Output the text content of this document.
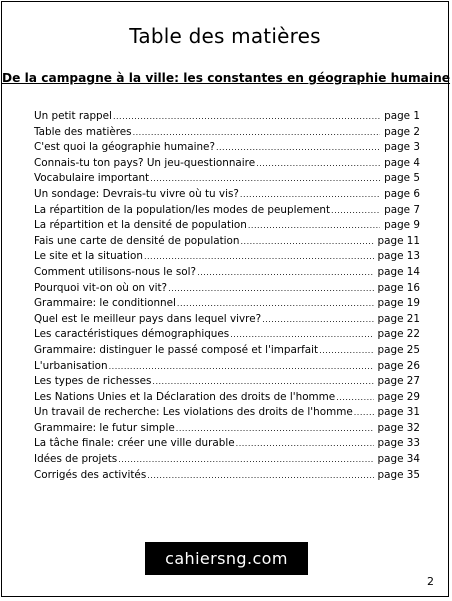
Table des matières
De la campagne à la ville: les constantes en géographie humaine
Un petit rappel .....	page 1
Table des matières .....	page 2
C'est quoi la géographie humaine? .....	page 3
Connais-tu ton pays? Un jeu-questionnaire .....	page 4
Vocabulaire important .....	page 5
Un sondage: Devrais-tu vivre où tu vis? .....	page 6
La répartition de la population/les modes de peuplement .....	page 7
La répartition et la densité de population .....	page 9
Fais une carte de densité de population .....	page 11
Le site et la situation .....	page 13
Comment utilisons-nous le sol? .....	page 14
Pourquoi vit-on où on vit? .....	page 16
Grammaire: le conditionnel .....	page 19
Quel est le meilleur pays dans lequel vivre? .....	page 21
Les caractéristiques démographiques .....	page 22
Grammaire: distinguer le passé composé et l'imparfait .....	page 25
L'urbanisation .....	page 26
Les types de richesses .....	page 27
Les Nations Unies et la Déclaration des droits de l'homme .....	page 29
Un travail de recherche: Les violations des droits de l'homme ..... page 31
Grammaire: le futur simple .....	page 32
La tâche finale: créer une ville durable .....	page 33
Idées de projets .....	page 34
Corrigés des activités .....	page 35
cahiersng.com
2
